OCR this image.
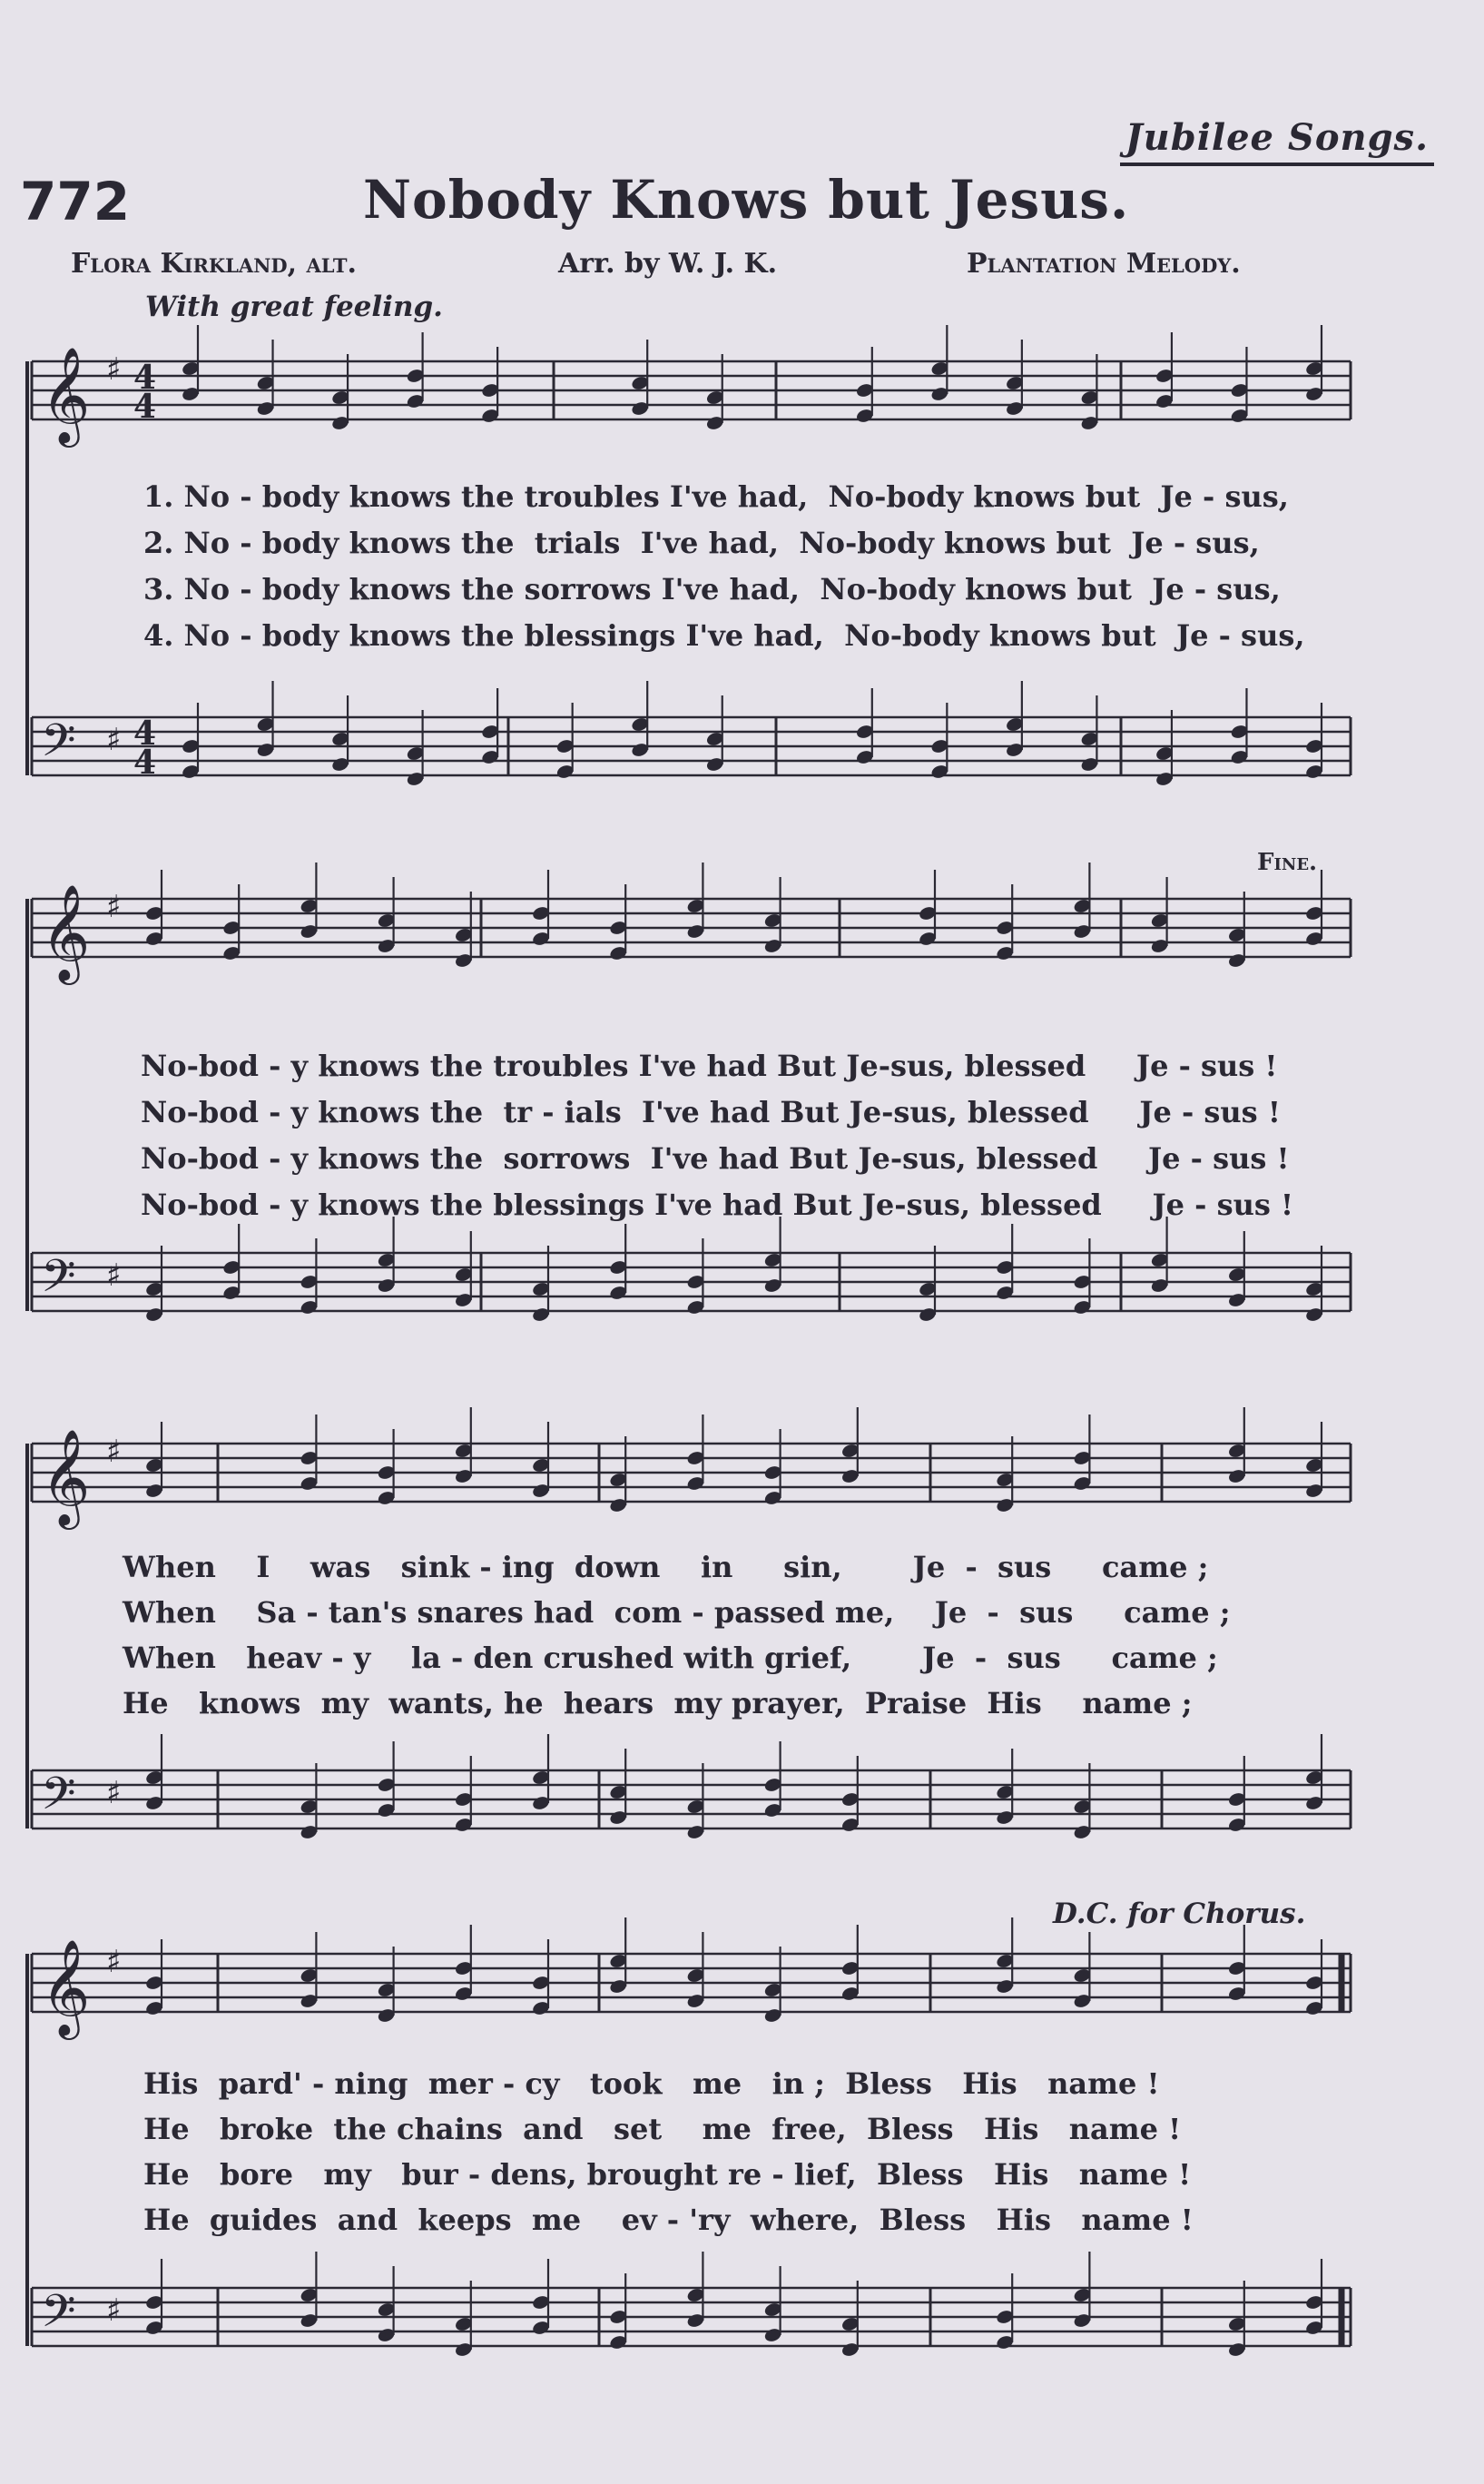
Jubilee Songs.
772	Nobody Knows but Jesus.
Flora Kirkland, alt.	Arr. by W. J. K.	Plantation Melody.
With great feeling.
Fine.
D.C. for Chorus.
𝄞 ♯ 4
4
𝄢 ♯ 4
4
𝄞 ♯
𝄢 ♯
𝄞 ♯
𝄢 ♯
𝄞 ♯
𝄢 ♯
1. No - body knows the troubles I've had,  No-body knows but  Je - sus,
2. No - body knows the  trials  I've had,  No-body knows but  Je - sus,
3. No - body knows the sorrows I've had,  No-body knows but  Je - sus,
4. No - body knows the blessings I've had,  No-body knows but  Je - sus,
No-bod - y knows the troubles I've had But Je-sus, blessed     Je - sus !
No-bod - y knows the  tr - ials  I've had But Je-sus, blessed     Je - sus !
No-bod - y knows the  sorrows  I've had But Je-sus, blessed     Je - sus !
No-bod - y knows the blessings I've had But Je-sus, blessed     Je - sus !
When    I    was   sink - ing  down    in     sin,       Je  -  sus     came ;
When    Sa - tan's snares had  com - passed me,    Je  -  sus     came ;
When   heav - y    la - den crushed with grief,       Je  -  sus     came ;
He   knows  my  wants, he  hears  my prayer,  Praise  His    name ;
His  pard' - ning  mer - cy   took   me   in ;  Bless   His   name !
He   broke  the chains  and   set    me  free,  Bless   His   name !
He   bore   my   bur - dens, brought re - lief,  Bless   His   name !
He  guides  and  keeps  me    ev - 'ry  where,  Bless   His   name !
